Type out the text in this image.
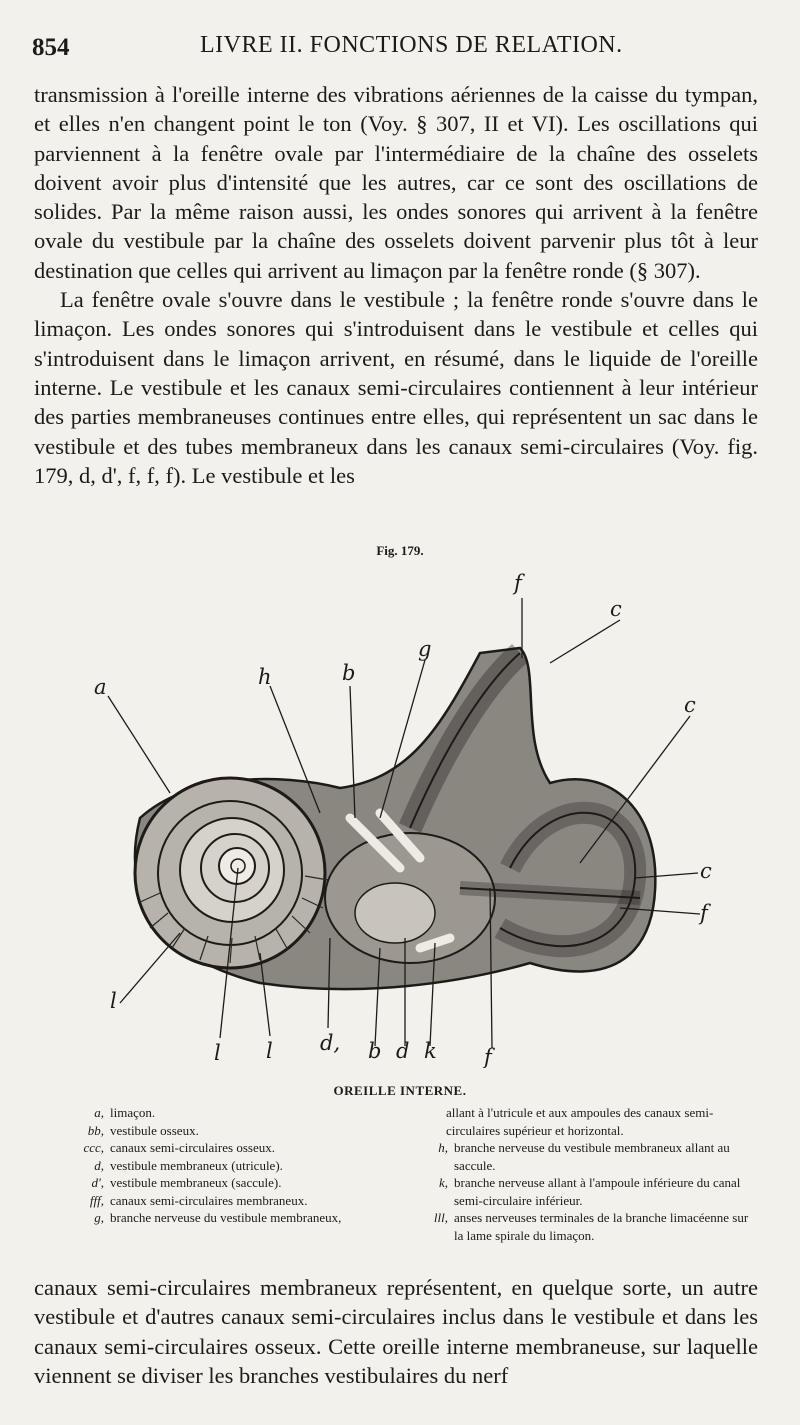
854	LIVRE II. FONCTIONS DE RELATION.

transmission à l'oreille interne des vibrations aériennes de la caisse du tympan, et elles n'en changent point le ton (Voy. § 307, II et VI). Les oscillations qui parviennent à la fenêtre ovale par l'intermédiaire de la chaîne des osselets doivent avoir plus d'intensité que les autres, car ce sont des oscillations de solides. Par la même raison aussi, les ondes sonores qui arrivent à la fenêtre ovale du vestibule par la chaîne des osselets doivent parvenir plus tôt à leur destination que celles qui arrivent au limaçon par la fenêtre ronde (§ 307).

La fenêtre ovale s'ouvre dans le vestibule ; la fenêtre ronde s'ouvre dans le limaçon. Les ondes sonores qui s'introduisent dans le vestibule et celles qui s'introduisent dans le limaçon arrivent, en résumé, dans le liquide de l'oreille interne. Le vestibule et les canaux semi-circulaires contiennent à leur intérieur des parties membraneuses continues entre elles, qui représentent un sac dans le vestibule et des tubes membraneux dans les canaux semi-circulaires (Voy. fig. 179, d, d', f, f, f). Le vestibule et les

Fig. 179.
a	h	b
g
f
c
c
c
f
l
l l d, b d k f
OREILLE INTERNE.
a, limaçon.
bb, vestibule osseux.
ccc, canaux semi-circulaires osseux.
d, vestibule membraneux (utricule).
d', vestibule membraneux (saccule).
fff, canaux semi-circulaires membraneux.
g, branche nerveuse du vestibule membraneux,
allant à l'utricule et aux ampoules des canaux semi-circulaires supérieur et horizontal.
h, branche nerveuse du vestibule membraneux allant au saccule.
k, branche nerveuse allant à l'ampoule inférieure du canal semi-circulaire inférieur.
lll, anses nerveuses terminales de la branche limacéenne sur la lame spirale du limaçon.

canaux semi-circulaires membraneux représentent, en quelque sorte, un autre vestibule et d'autres canaux semi-circulaires inclus dans le vestibule et dans les canaux semi-circulaires osseux. Cette oreille interne membraneuse, sur laquelle viennent se diviser les branches vestibulaires du nerf
